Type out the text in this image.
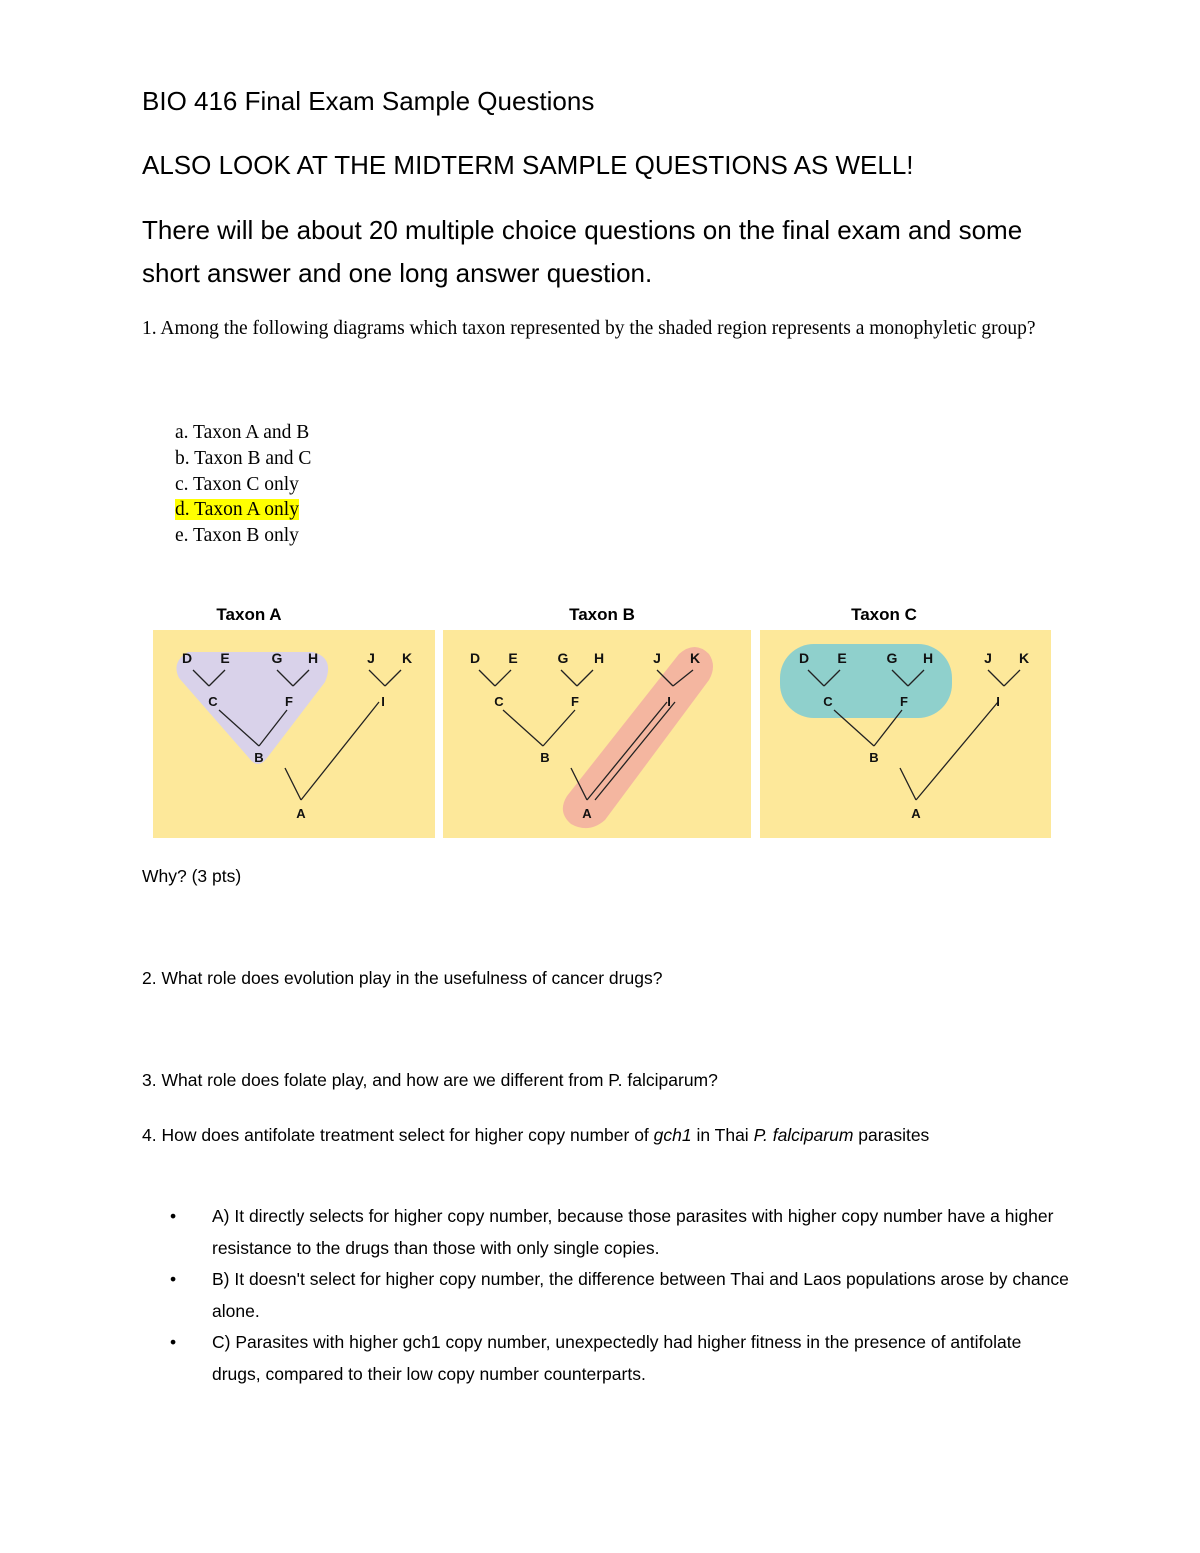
BIO 416 Final Exam Sample Questions
ALSO LOOK AT THE MIDTERM SAMPLE QUESTIONS AS WELL!
There will be about 20 multiple choice questions on the final exam and some short answer and one long answer question.
1. Among the following diagrams which taxon represented by the shaded region represents a monophyletic group?
a. Taxon A and B
b. Taxon B and C
c. Taxon C only
d. Taxon A only
e. Taxon B only
Taxon A	Taxon B	Taxon C
D E	G H	J K
C	F	I
B
A
D E	G H	J K
C	F	I
B
A
D E	G H	J K
C	F	I
B
A
Why? (3 pts)
2. What role does evolution play in the usefulness of cancer drugs?
3. What role does folate play, and how are we different from P. falciparum?
4. How does antifolate treatment select for higher copy number of gch1 in Thai P. falciparum parasites
• A) It directly selects for higher copy number, because those parasites with higher copy number have a higher resistance to the drugs than those with only single copies.
• B) It doesn't select for higher copy number, the difference between Thai and Laos populations arose by chance alone.
• C) Parasites with higher gch1 copy number, unexpectedly had higher fitness in the presence of antifolate drugs, compared to their low copy number counterparts.
